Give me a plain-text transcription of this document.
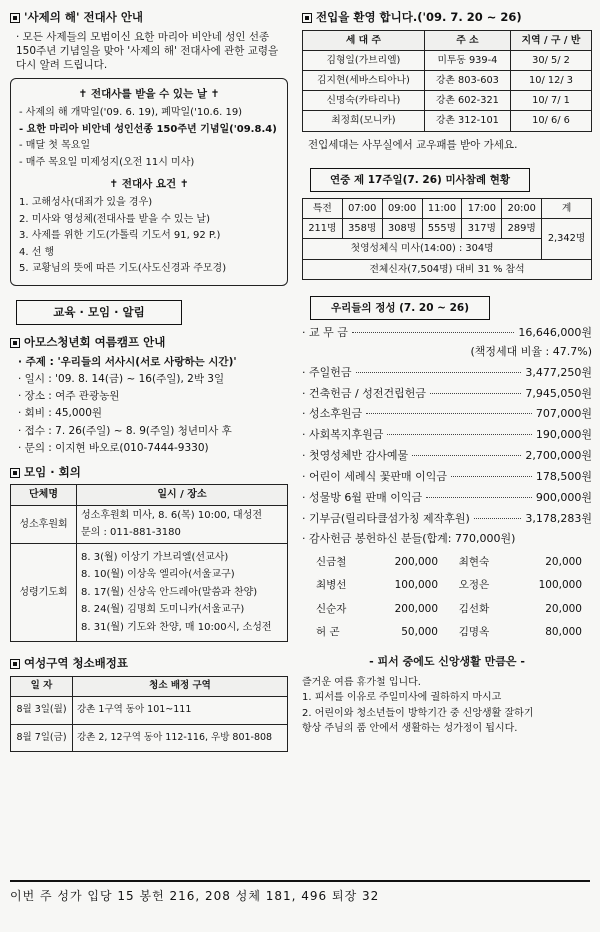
'사제의 해' 전대사 안내

· 모든 사제들의 모범이신 요한 마리아 비안네 성인 선종 150주년 기념일을 맞아 '사제의 해' 전대사에 관한 교령을 다시 알려 드립니다.

✝ 전대사를 받을 수 있는 날 ✝
- 사제의 해 개막일('09. 6. 19), 폐막일('10.6. 19)
- 요한 마리아 비안네 성인선종 150주년 기념일('09.8.4)
- 매달 첫 목요일
- 매주 목요일 미제성지(오전 11시 미사)
✝ 전대사 요건 ✝
1. 고해성사(대죄가 있을 경우)
2. 미사와 영성체(전대사를 받을 수 있는 날)
3. 사제를 위한 기도(가톨릭 기도서 91, 92 P.)
4. 선 행
5. 교황님의 뜻에 따른 기도(사도신경과 주모경)
교육 · 모임 · 알림
아모스청년회 여름캠프 안내
· 주제 : '우리들의 서사시(서로 사랑하는 시간)'
· 일시 : '09. 8. 14(금) ~ 16(주일), 2박 3일
· 장소 : 여주 관광농원
· 회비 : 45,000원
· 접수 : 7. 26(주일) ~ 8. 9(주일) 청년미사 후
· 문의 : 이지현 바오로(010-7444-9330)
모임 · 회의
단체명	일시 / 장소
성소후원회	성소후원회 미사, 8. 6(목) 10:00, 대성전
문의 : 011-881-3180

성령기도회	8. 3(월) 이상기 가브리엘(선교사)
8. 10(월) 이상욱 엘리아(서울교구)
8. 17(월) 신상옥 안드레아(말씀과 찬양)
8. 24(월) 김명희 도미니카(서울교구)
8. 31(월) 기도와 찬양, 매 10:00시, 소성전
여성구역 청소배정표
일 자	청소 배정 구역
8월 3일(월)	강촌 1구역 동아 101~111
8월 7일(금)	강촌 2, 12구역 동아 112-116, 우방 801-808
전입을 환영 합니다.('09. 7. 20 ~ 26)
세 대 주	주 소	지역 / 구 / 반
김형일(가브리엘)	미투동 939-4	30/ 5/ 2
김지현(세바스티아나)	강촌 803-603	10/ 12/ 3
신명숙(카타리나)	강촌 602-321	10/ 7/ 1
최정희(모니카)	강촌 312-101	10/ 6/ 6

전입세대는 사무실에서 교우패를 받아 가세요.

연중 제 17주일(7. 26) 미사참례 현황
특전	07:00	09:00	11:00	17:00	20:00	계
211명	358명	308명	555명	317명	289명	2,342명
첫영성체식 미사(14:00) : 304명						
전체신자(7,504명) 대비 31 % 참석						
우리들의 정성 (7. 20 ~ 26)
· 교 무 금	16,646,000원
(책정세대 비율 : 47.7%)
· 주일헌금	3,477,250원
· 건축헌금 / 성전건립헌금	7,945,050원
· 성소후원금	707,000원
· 사회복지후원금	190,000원
· 첫영성체반 감사예물	2,700,000원
· 어린이 세례식 꽃판매 이익금	178,500원
· 성물방 6월 판매 이익금	900,000원
· 기부금(릴리타클섬가칭 제작후원)	3,178,283원
· 감사헌금 봉헌하신 분들(합계: 770,000원)
신금철	200,000	최현숙	20,000
최병선	100,000	오정은	100,000
신순자	200,000	김선화	20,000
허 곤	50,000	김명옥	80,000
- 피서 중에도 신앙생활 만큼은 -
즐거운 여름 휴가철 입니다.
1. 피서를 이유로 주일미사에 궐하하지 마시고
2. 어린이와 청소년들이 방학기간 중 신앙생활 잘하기
항상 주님의 품 안에서 생활하는 성가정이 됩시다.
이번 주 성가 입당 15 봉헌 216, 208 성체 181, 496 퇴장 32
